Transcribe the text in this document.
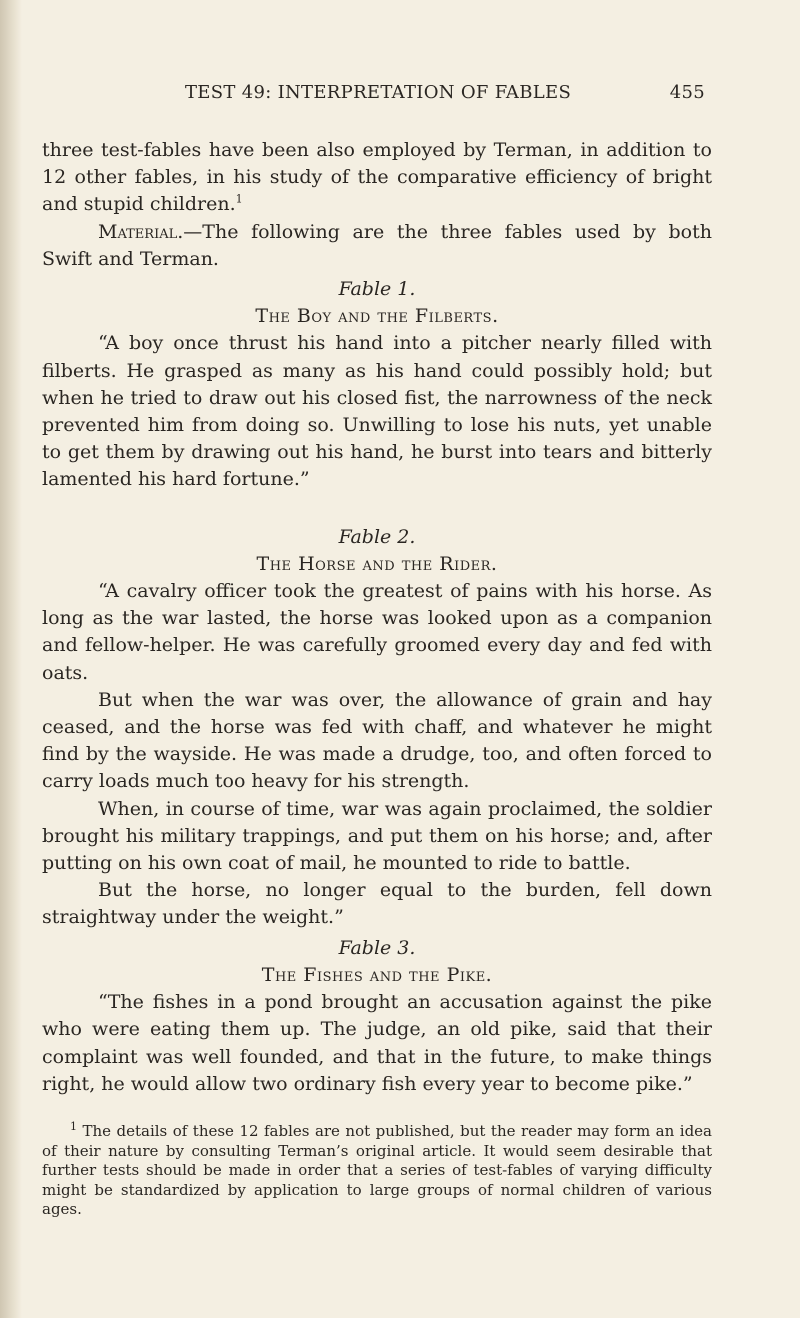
TEST 49: INTERPRETATION OF FABLES	455

three test-fables have been also employed by Terman, in addition to 12 other fables, in his study of the comparative efficiency of bright and stupid children.$^1$

Material.—The following are the three fables used by both Swift and Terman.

Fable 1.

The Boy and the Filberts.

“A boy once thrust his hand into a pitcher nearly filled with filberts. He grasped as many as his hand could possibly hold; but when he tried to draw out his closed fist, the narrowness of the neck prevented him from doing so. Unwilling to lose his nuts, yet unable to get them by drawing out his hand, he burst into tears and bitterly lamented his hard fortune.”

Fable 2.

The Horse and the Rider.

“A cavalry officer took the greatest of pains with his horse. As long as the war lasted, the horse was looked upon as a companion and fellow-helper. He was carefully groomed every day and fed with oats.

But when the war was over, the allowance of grain and hay ceased, and the horse was fed with chaff, and whatever he might find by the wayside. He was made a drudge, too, and often forced to carry loads much too heavy for his strength.

When, in course of time, war was again proclaimed, the soldier brought his military trappings, and put them on his horse; and, after putting on his own coat of mail, he mounted to ride to battle.

But the horse, no longer equal to the burden, fell down straightway under the weight.”

Fable 3.

The Fishes and the Pike.

“The fishes in a pond brought an accusation against the pike who were eating them up. The judge, an old pike, said that their complaint was well founded, and that in the future, to make things right, he would allow two ordinary fish every year to become pike.”

$^1$ The details of these 12 fables are not published, but the reader may form an idea of their nature by consulting Terman’s original article. It would seem desirable that further tests should be made in order that a series of test-fables of varying difficulty might be standardized by application to large groups of normal children of various ages.
